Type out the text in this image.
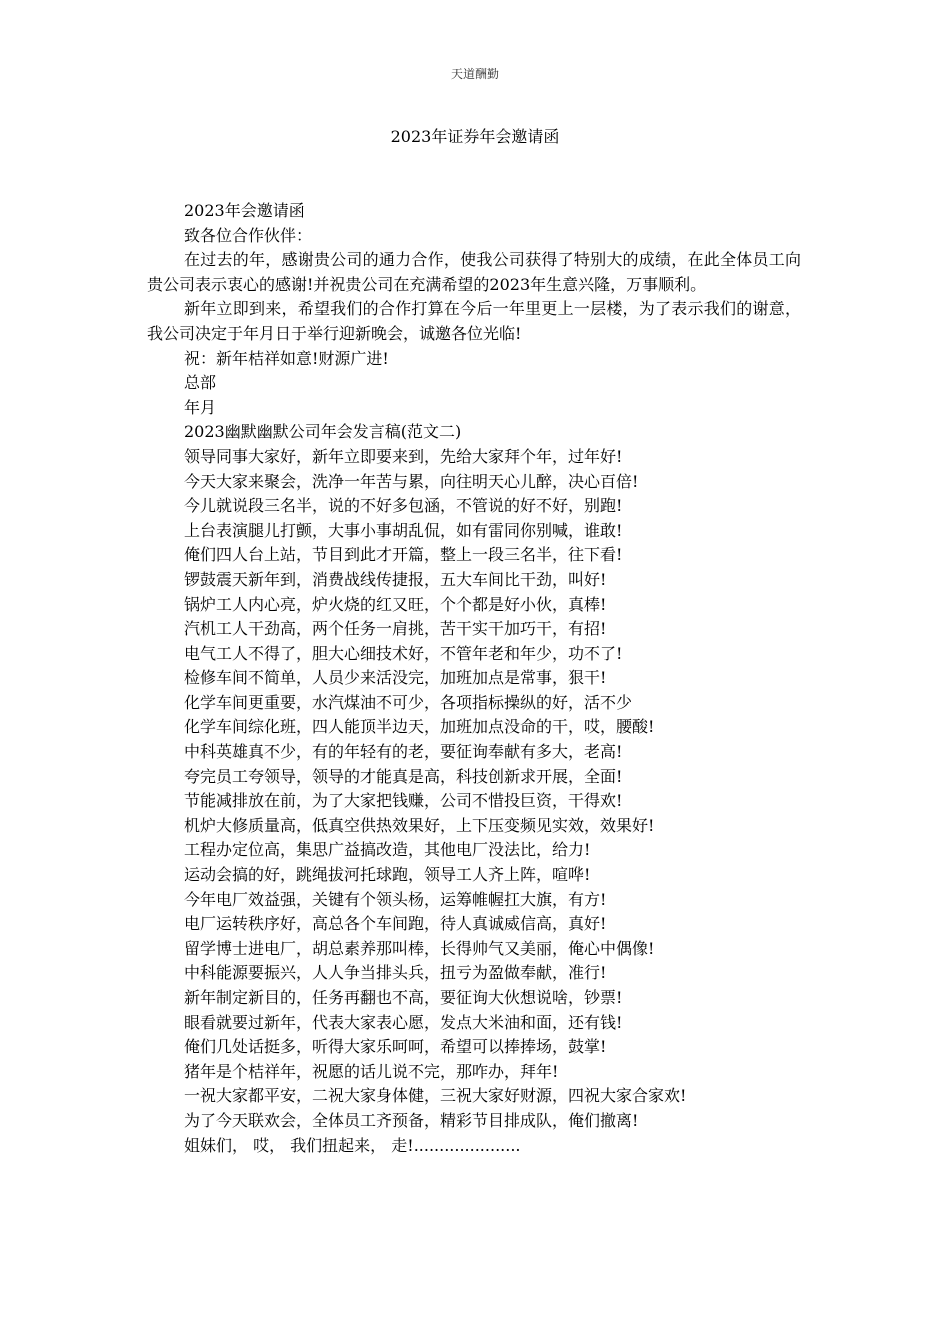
天道酬勤
2023年证券年会邀请函

2023年会邀请函

致各位合作伙伴：

在过去的年，感谢贵公司的通力合作，使我公司获得了特别大的成绩，在此全体员工向贵公司表示衷心的感谢!并祝贵公司在充满希望的2023年生意兴隆，万事顺利。

新年立即到来，希望我们的合作打算在今后一年里更上一层楼，为了表示我们的谢意，我公司决定于年月日于举行迎新晚会，诚邀各位光临!

祝：新年桔祥如意!财源广进!

总部

年月

2023幽默幽默公司年会发言稿(范文二)

领导同事大家好，新年立即要来到，先给大家拜个年，过年好!

今天大家来聚会，洗净一年苦与累，向往明天心儿醉，决心百倍!

今儿就说段三名半，说的不好多包涵，不管说的好不好，别跑!

上台表演腿儿打颤，大事小事胡乱侃，如有雷同你别喊，谁敢!

俺们四人台上站，节目到此才开篇，整上一段三名半，往下看!

锣鼓震天新年到，消费战线传捷报，五大车间比干劲，叫好!

锅炉工人内心亮，炉火烧的红又旺，个个都是好小伙，真棒!

汽机工人干劲高，两个任务一肩挑，苦干实干加巧干，有招!

电气工人不得了，胆大心细技术好，不管年老和年少，功不了!

检修车间不简单，人员少来活没完，加班加点是常事，狠干!

化学车间更重要，水汽煤油不可少，各项指标操纵的好，活不少

化学车间综化班，四人能顶半边天，加班加点没命的干，哎，腰酸!

中科英雄真不少，有的年轻有的老，要征询奉献有多大，老高!

夸完员工夸领导，领导的才能真是高，科技创新求开展，全面!

节能减排放在前，为了大家把钱赚，公司不惜投巨资，干得欢!

机炉大修质量高，低真空供热效果好，上下压变频见实效，效果好!

工程办定位高，集思广益搞改造，其他电厂没法比，给力!

运动会搞的好，跳绳拔河托球跑，领导工人齐上阵，喧哗!

今年电厂效益强，关键有个领头杨，运筹帷幄扛大旗，有方!

电厂运转秩序好，高总各个车间跑，待人真诚威信高，真好!

留学博士进电厂，胡总素养那叫棒，长得帅气又美丽，俺心中偶像!

中科能源要振兴，人人争当排头兵，扭亏为盈做奉献，准行!

新年制定新目的，任务再翻也不高，要征询大伙想说啥，钞票!

眼看就要过新年，代表大家表心愿，发点大米油和面，还有钱!

俺们几处话挺多，听得大家乐呵呵，希望可以捧捧场，鼓掌!

猪年是个桔祥年，祝愿的话儿说不完，那咋办，拜年!

一祝大家都平安，二祝大家身体健，三祝大家好财源，四祝大家合家欢!

为了今天联欢会，全体员工齐预备，精彩节目排成队，俺们撤离!

姐妹们， 哎， 我们扭起来， 走!.....................
